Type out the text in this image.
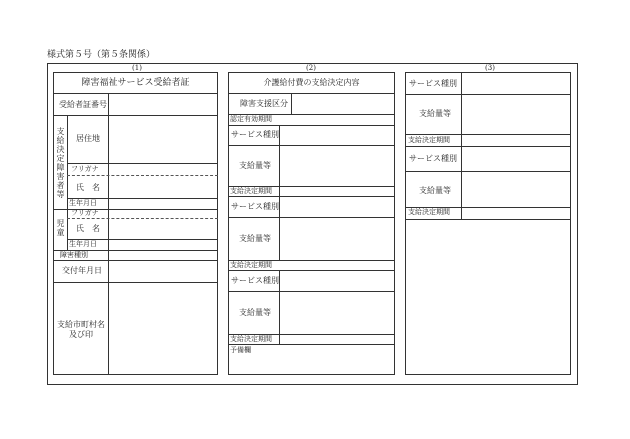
様式第５号（第５条関係）
(1)
障害福祉サービス受給者証
受給者証番号
支給決定障害者等
居住地
フリガナ
氏　名
生年月日
児童
フリガナ
氏　名
生年月日
障害種別
交付年月日
支給市町村名及び印
(2)
介護給付費の支給決定内容
障害支援区分
認定有効期間
サービス種別
支給量等
支給決定期間
サービス種別
支給量等
支給決定期間
サービス種別
支給量等
支給決定期間
予備欄
(3)
サービス種別
支給量等
支給決定期間
サービス種別
支給量等
支給決定期間
